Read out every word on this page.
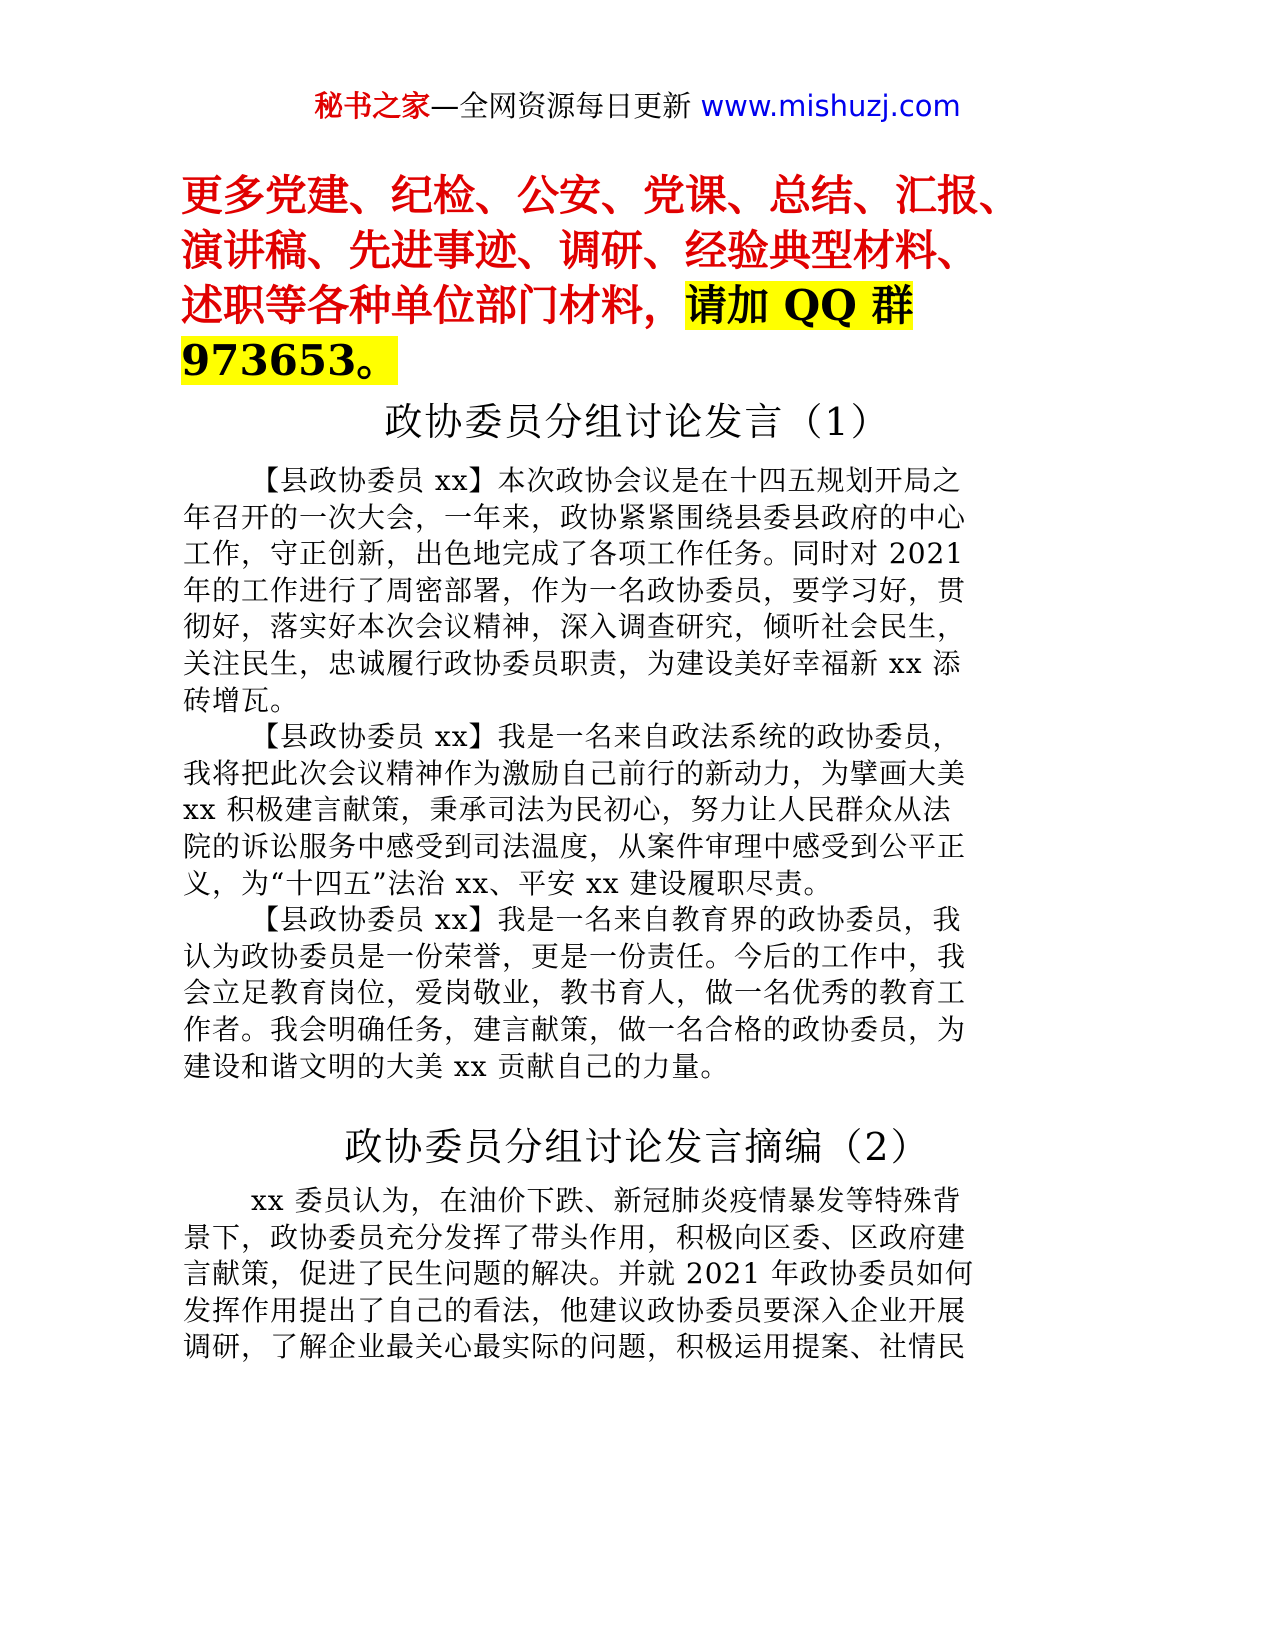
秘书之家—全网资源每日更新 www.mishuzj.com
更多党建、纪检、公安、党课、总结、汇报、
演讲稿、先进事迹、调研、经验典型材料、
述职等各种单位部门材料，请加 QQ 群
973653。
政协委员分组讨论发言（1）
【县政协委员 xx】本次政协会议是在十四五规划开局之
年召开的一次大会，一年来，政协紧紧围绕县委县政府的中心
工作，守正创新，出色地完成了各项工作任务。同时对 2021
年的工作进行了周密部署，作为一名政协委员，要学习好，贯
彻好，落实好本次会议精神，深入调查研究，倾听社会民生，
关注民生，忠诚履行政协委员职责，为建设美好幸福新 xx 添
砖增瓦。
【县政协委员 xx】我是一名来自政法系统的政协委员，
我将把此次会议精神作为激励自己前行的新动力，为擘画大美
xx 积极建言献策，秉承司法为民初心，努力让人民群众从法
院的诉讼服务中感受到司法温度，从案件审理中感受到公平正
义，为“十四五”法治 xx、平安 xx 建设履职尽责。
【县政协委员 xx】我是一名来自教育界的政协委员，我
认为政协委员是一份荣誉，更是一份责任。今后的工作中，我
会立足教育岗位，爱岗敬业，教书育人，做一名优秀的教育工
作者。我会明确任务，建言献策，做一名合格的政协委员，为
建设和谐文明的大美 xx 贡献自己的力量。
政协委员分组讨论发言摘编（2）
xx 委员认为，在油价下跌、新冠肺炎疫情暴发等特殊背
景下，政协委员充分发挥了带头作用，积极向区委、区政府建
言献策，促进了民生问题的解决。并就 2021 年政协委员如何
发挥作用提出了自己的看法，他建议政协委员要深入企业开展
调研，了解企业最关心最实际的问题，积极运用提案、社情民
